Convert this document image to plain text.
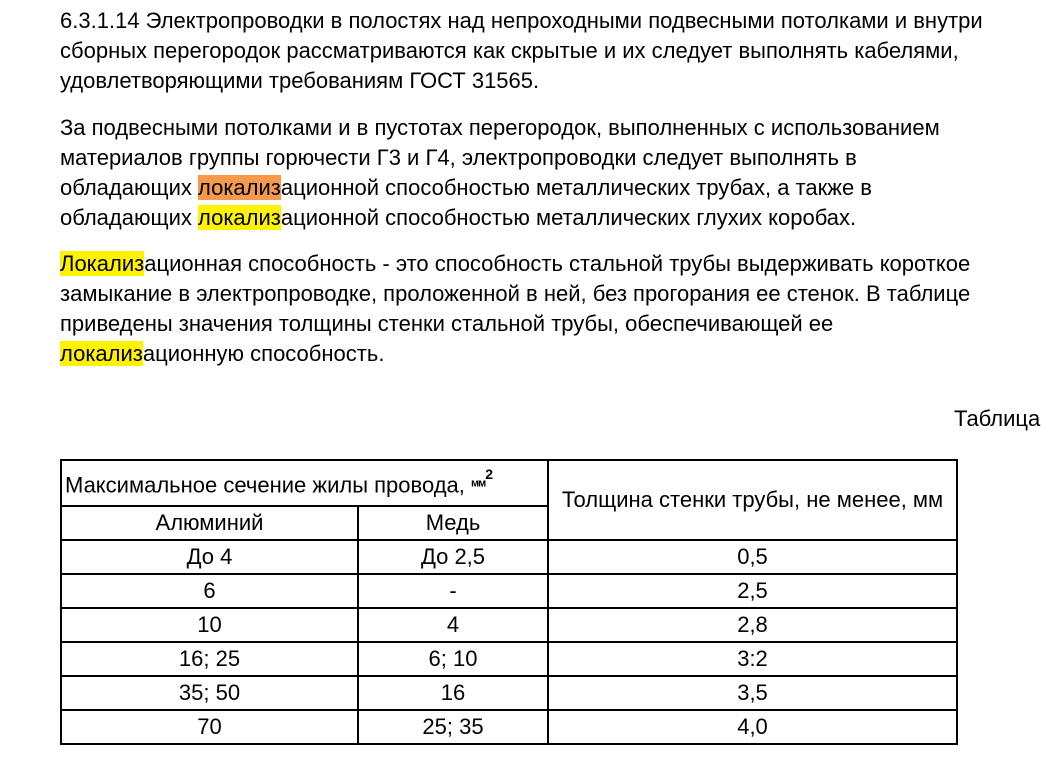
6.3.1.14 Электропроводки в полостях над непроходными подвесными потолками и внутри
сборных перегородок рассматриваются как скрытые и их следует выполнять кабелями,
удовлетворяющими требованиям ГОСТ 31565.
За подвесными потолками и в пустотах перегородок, выполненных с использованием
материалов группы горючести Г3 и Г4, электропроводки следует выполнять в
обладающих локализационной способностью металлических трубах, а также в
обладающих локализационной способностью металлических глухих коробах.
Локализационная способность - это способность стальной трубы выдерживать короткое
замыкание в электропроводке, проложенной в ней, без прогорания ее стенок. В таблице
приведены значения толщины стенки стальной трубы, обеспечивающей ее
локализационную способность.
Таблица
Максимальное сечение жилы провода, $мм^2$		Толщина стенки трубы, не менее, мм
Алюминий	Медь	
До 4	До 2,5	0,5
6	-	2,5
10	4	2,8
16; 25	6; 10	3:2
35; 50	16	3,5
70	25; 35	4,0
